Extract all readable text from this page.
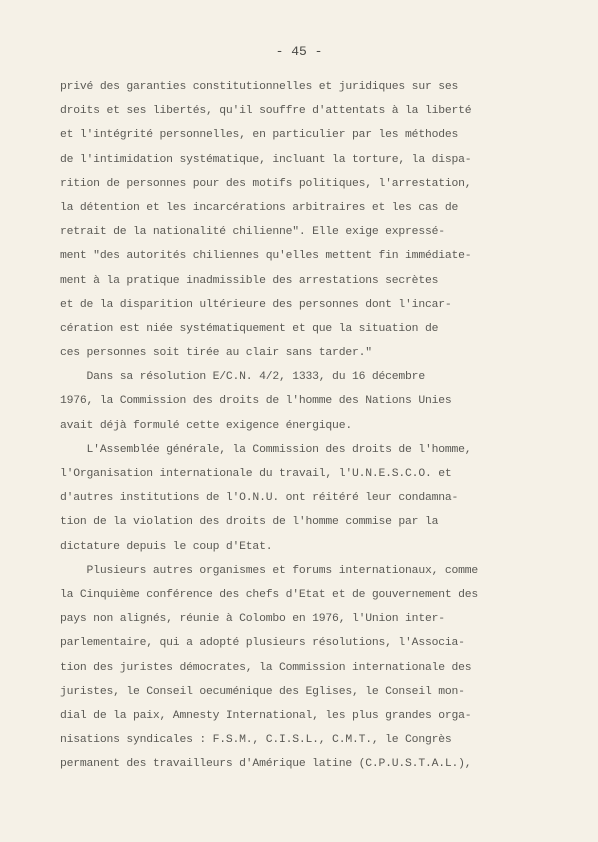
- 45 -
privé des garanties constitutionnelles et juridiques sur ses
droits et ses libertés, qu'il souffre d'attentats à la liberté
et l'intégrité personnelles, en particulier par les méthodes
de l'intimidation systématique, incluant la torture, la dispa-
rition de personnes pour des motifs politiques, l'arrestation,
la détention et les incarcérations arbitraires et les cas de
retrait de la nationalité chilienne". Elle exige expressé-
ment "des autorités chiliennes qu'elles mettent fin immédiate-
ment à la pratique inadmissible des arrestations secrètes
et de la disparition ultérieure des personnes dont l'incar-
cération est niée systématiquement et que la situation de
ces personnes soit tirée au clair sans tarder."
Dans sa résolution E/C.N. 4/2, 1333, du 16 décembre
1976, la Commission des droits de l'homme des Nations Unies
avait déjà formulé cette exigence énergique.
L'Assemblée générale, la Commission des droits de l'homme,
l'Organisation internationale du travail, l'U.N.E.S.C.O. et
d'autres institutions de l'O.N.U. ont réitéré leur condamna-
tion de la violation des droits de l'homme commise par la
dictature depuis le coup d'Etat.
Plusieurs autres organismes et forums internationaux, comme
la Cinquième conférence des chefs d'Etat et de gouvernement des
pays non alignés, réunie à Colombo en 1976, l'Union inter-
parlementaire, qui a adopté plusieurs résolutions, l'Associa-
tion des juristes démocrates, la Commission internationale des
juristes, le Conseil oecuménique des Eglises, le Conseil mon-
dial de la paix, Amnesty International, les plus grandes orga-
nisations syndicales : F.S.M., C.I.S.L., C.M.T., le Congrès
permanent des travailleurs d'Amérique latine (C.P.U.S.T.A.L.),
